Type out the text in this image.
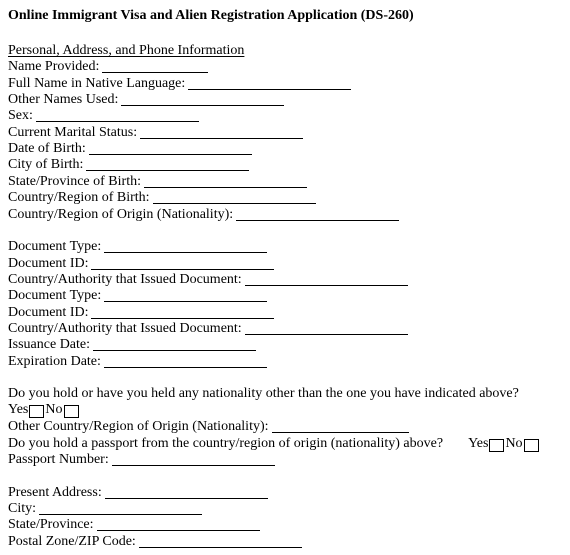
Online Immigrant Visa and Alien Registration Application (DS-260)
Personal, Address, and Phone Information
Name Provided:
Full Name in Native Language:
Other Names Used:
Sex:
Current Marital Status:
Date of Birth:
City of Birth:
State/Province of Birth:
Country/Region of Birth:
Country/Region of Origin (Nationality):
Document Type:
Document ID:
Country/Authority that Issued Document:
Document Type:
Document ID:
Country/Authority that Issued Document:
Issuance Date:
Expiration Date:
Do you hold or have you held any nationality other than the one you have indicated above?
Yes No
Other Country/Region of Origin (Nationality):
Do you hold a passport from the country/region of origin (nationality) above? Yes No
Passport Number:
Present Address:
City:
State/Province:
Postal Zone/ZIP Code:
